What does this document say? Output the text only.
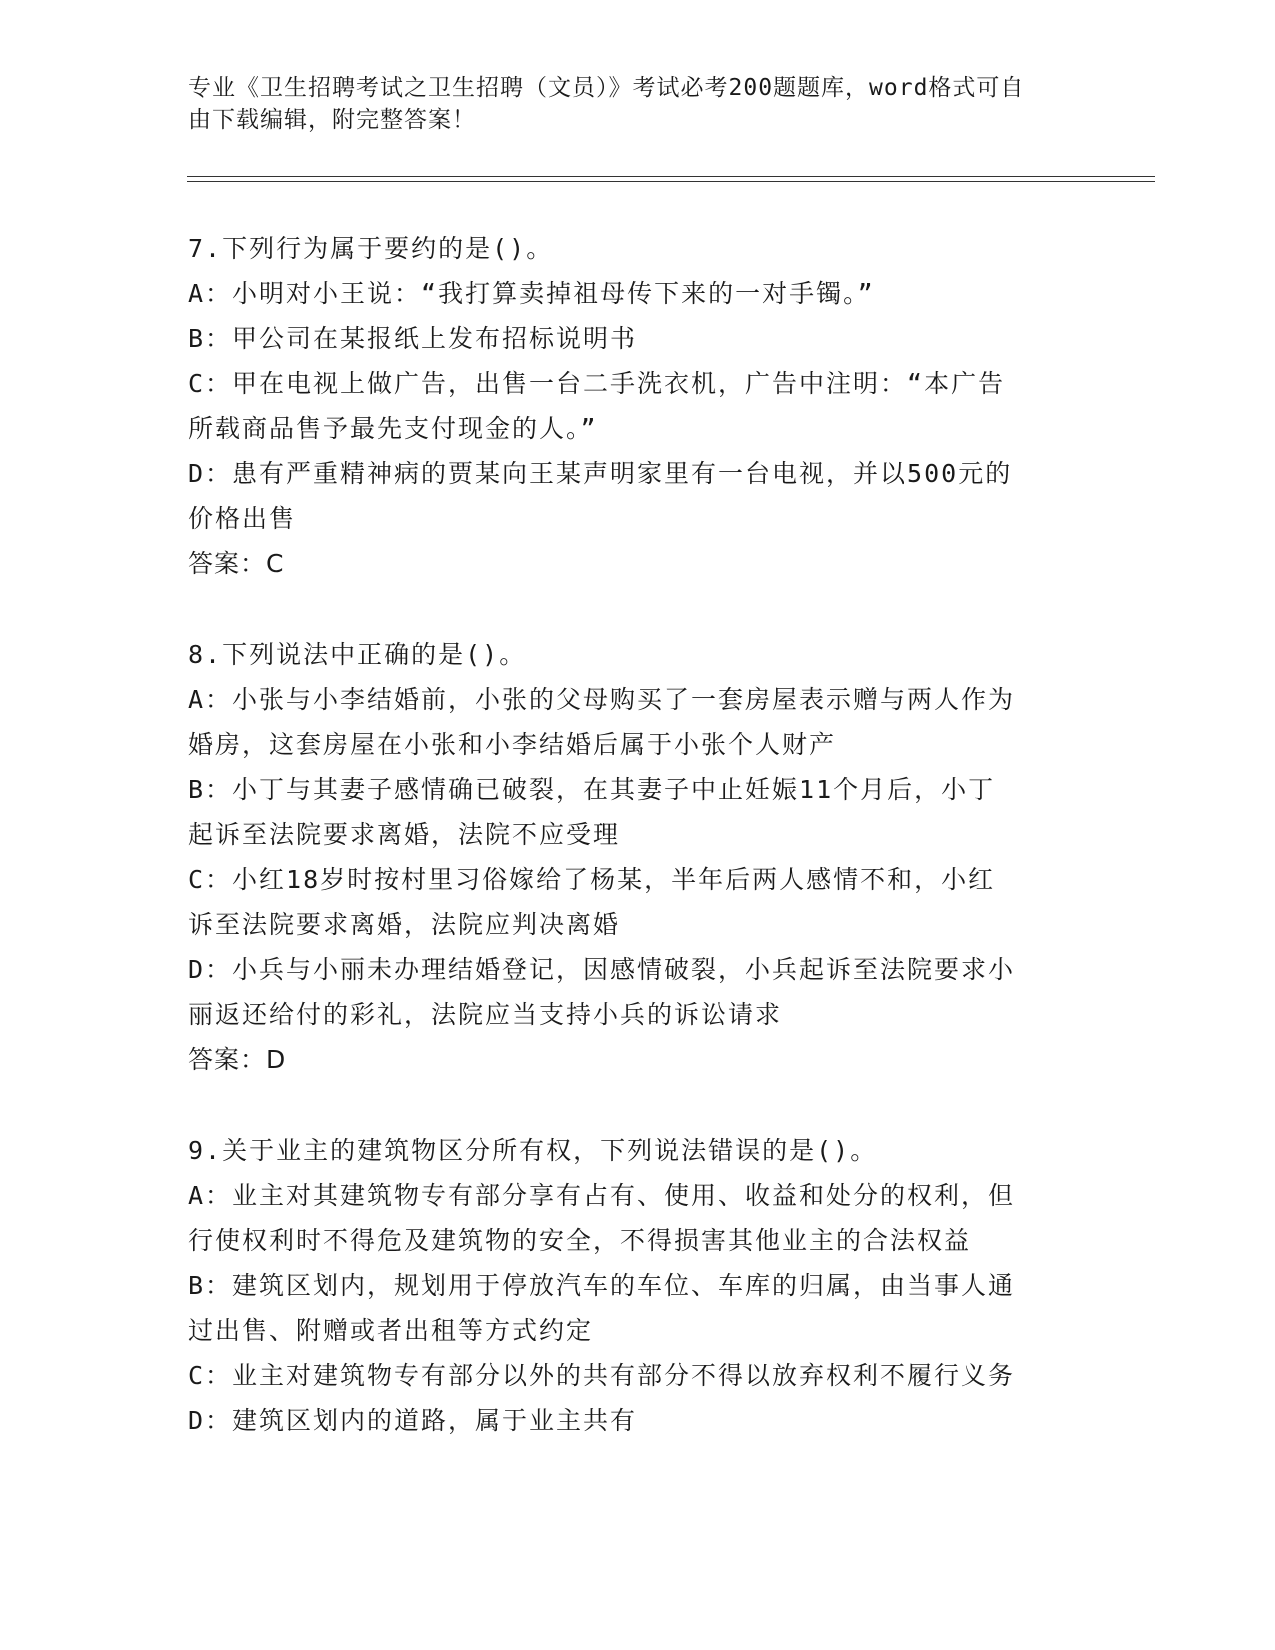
专业《卫生招聘考试之卫生招聘（文员）》考试必考200题题库，word格式可自
由下载编辑，附完整答案！

7.下列行为属于要约的是()。

A：小明对小王说：“我打算卖掉祖母传下来的一对手镯。”

B：甲公司在某报纸上发布招标说明书

C：甲在电视上做广告，出售一台二手洗衣机，广告中注明：“本广告

所载商品售予最先支付现金的人。”

D：患有严重精神病的贾某向王某声明家里有一台电视，并以500元的

价格出售

答案：C

8.下列说法中正确的是()。

A：小张与小李结婚前，小张的父母购买了一套房屋表示赠与两人作为

婚房，这套房屋在小张和小李结婚后属于小张个人财产

B：小丁与其妻子感情确已破裂，在其妻子中止妊娠11个月后，小丁

起诉至法院要求离婚，法院不应受理

C：小红18岁时按村里习俗嫁给了杨某，半年后两人感情不和，小红

诉至法院要求离婚，法院应判决离婚

D：小兵与小丽未办理结婚登记，因感情破裂，小兵起诉至法院要求小

丽返还给付的彩礼，法院应当支持小兵的诉讼请求

答案：D

9.关于业主的建筑物区分所有权，下列说法错误的是()。

A：业主对其建筑物专有部分享有占有、使用、收益和处分的权利，但

行使权利时不得危及建筑物的安全，不得损害其他业主的合法权益

B：建筑区划内，规划用于停放汽车的车位、车库的归属，由当事人通

过出售、附赠或者出租等方式约定

C：业主对建筑物专有部分以外的共有部分不得以放弃权利不履行义务

D：建筑区划内的道路，属于业主共有
